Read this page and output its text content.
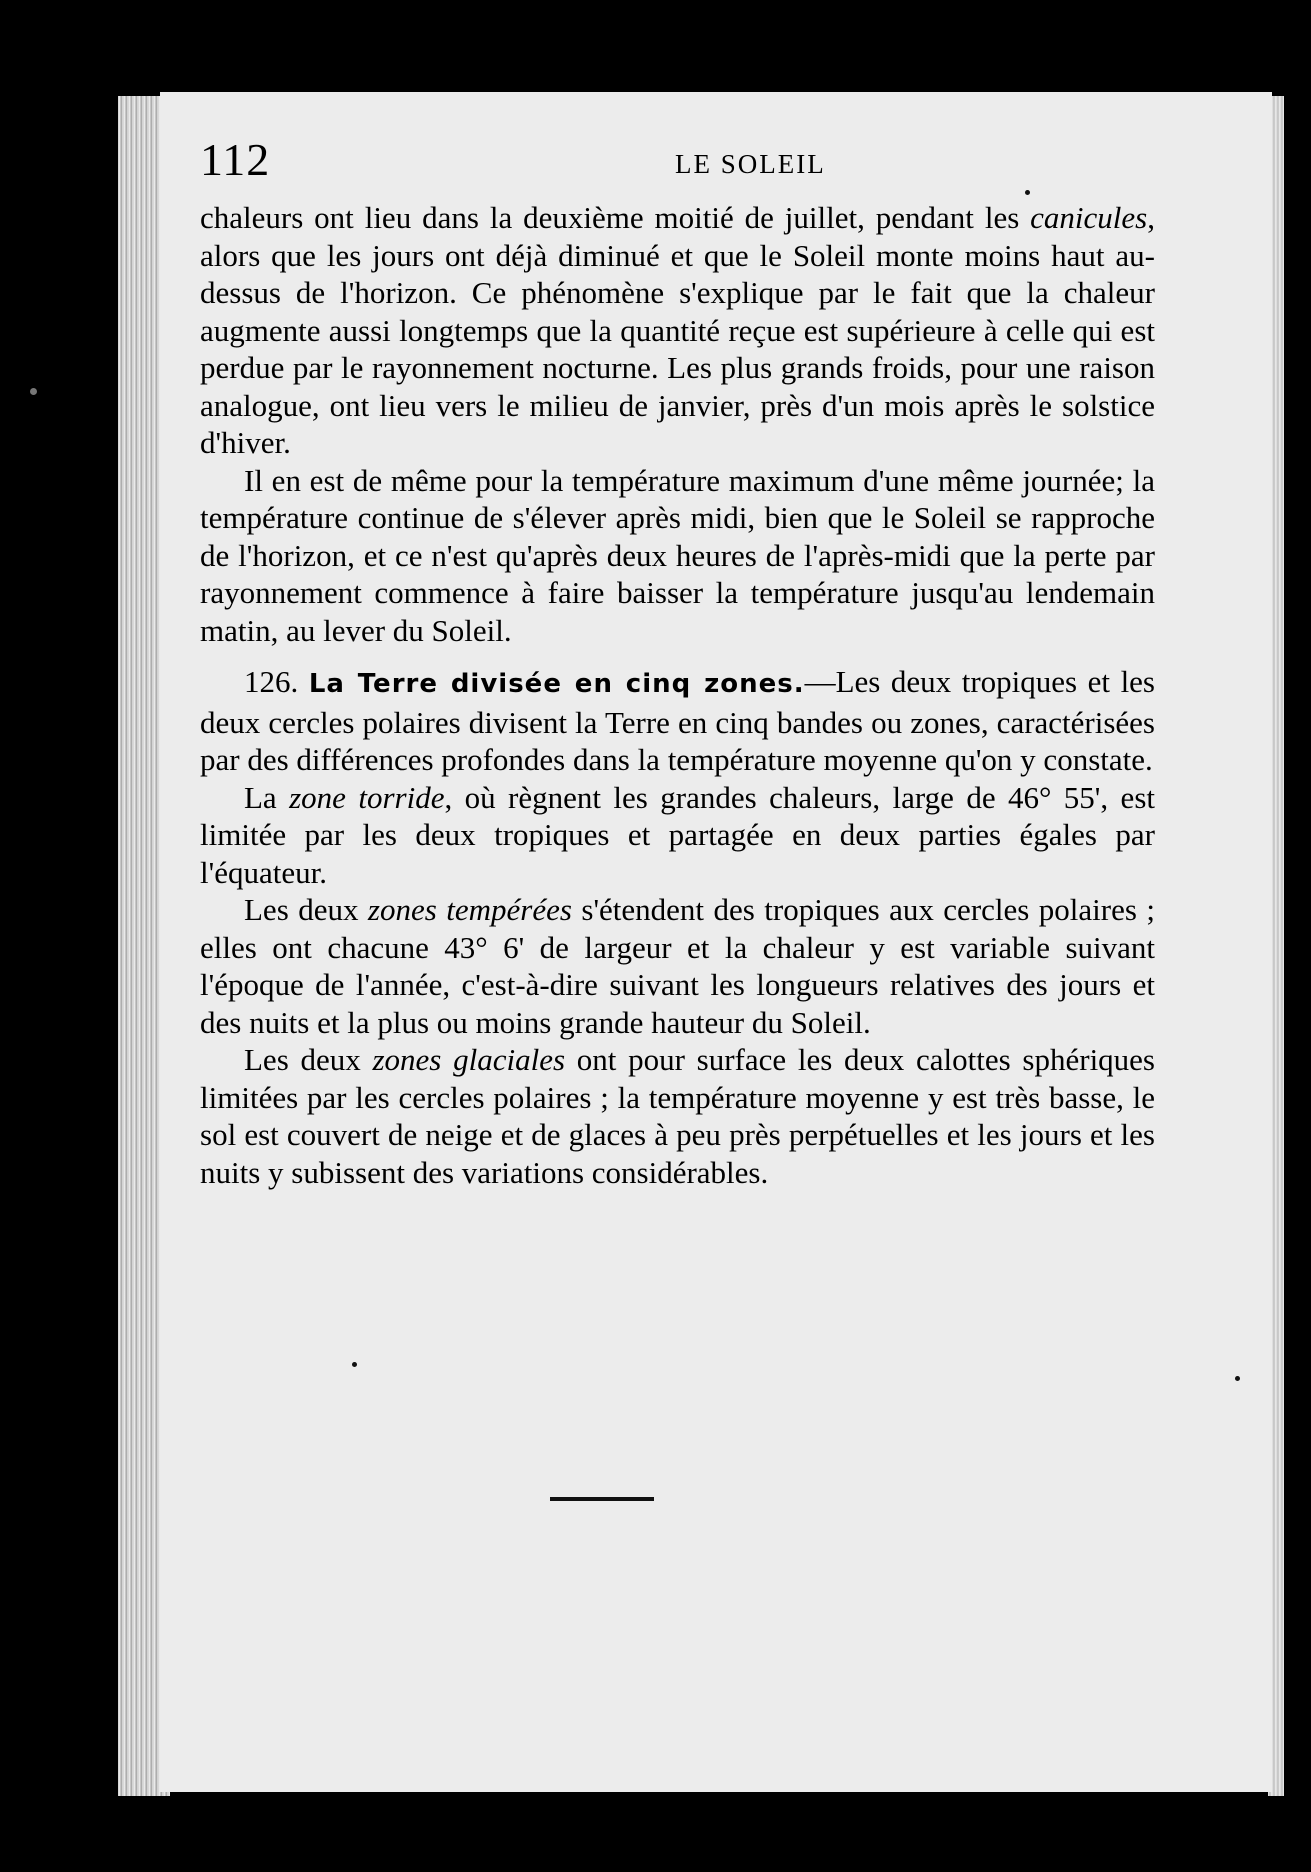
112	LE SOLEIL

chaleurs ont lieu dans la deuxième moitié de juillet, pendant les canicules, alors que les jours ont déjà diminué et que le Soleil monte moins haut au-dessus de l'horizon. Ce phénomène s'explique par le fait que la chaleur augmente aussi longtemps que la quantité reçue est supérieure à celle qui est perdue par le rayonnement nocturne. Les plus grands froids, pour une raison analogue, ont lieu vers le milieu de janvier, près d'un mois après le solstice d'hiver.

Il en est de même pour la température maximum d'une même journée; la température continue de s'élever après midi, bien que le Soleil se rapproche de l'horizon, et ce n'est qu'après deux heures de l'après-midi que la perte par rayonnement commence à faire baisser la température jusqu'au lendemain matin, au lever du Soleil.

126. La Terre divisée en cinq zones.—Les deux tropiques et les deux cercles polaires divisent la Terre en cinq bandes ou zones, caractérisées par des différences profondes dans la température moyenne qu'on y constate.

La zone torride, où règnent les grandes chaleurs, large de 46° 55', est limitée par les deux tropiques et partagée en deux parties égales par l'équateur.

Les deux zones tempérées s'étendent des tropiques aux cercles polaires ; elles ont chacune 43° 6' de largeur et la chaleur y est variable suivant l'époque de l'année, c'est-à-dire suivant les longueurs relatives des jours et des nuits et la plus ou moins grande hauteur du Soleil.

Les deux zones glaciales ont pour surface les deux calottes sphériques limitées par les cercles polaires ; la température moyenne y est très basse, le sol est couvert de neige et de glaces à peu près perpétuelles et les jours et les nuits y subissent des variations considérables.
